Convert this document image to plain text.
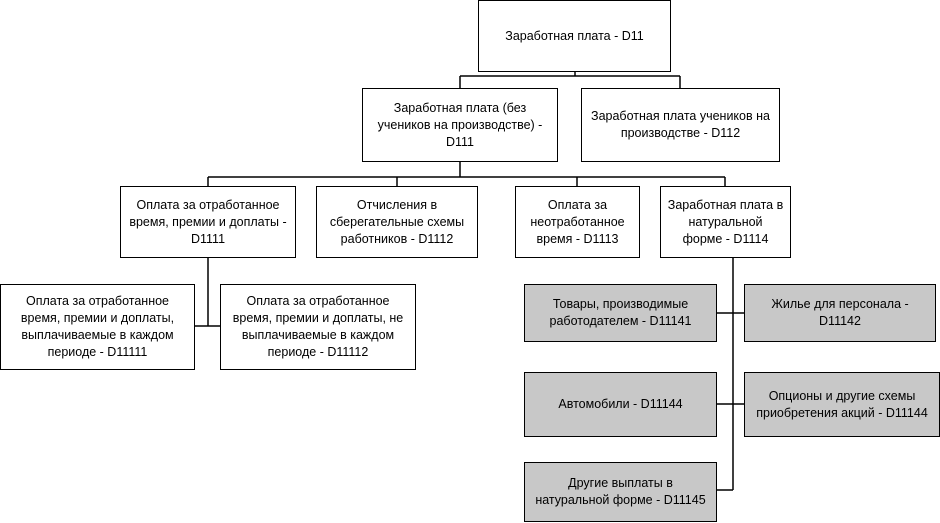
Заработная плата - D11
Заработная плата (без учеников на производстве) - D111
Заработная плата учеников на производстве - D112
Оплата за отработанное время, премии и доплаты - D1111
Отчисления в сберегательные схемы работников - D1112
Оплата за неотработанное время - D1113
Заработная плата в натуральной форме - D1114
Оплата за отработанное время, премии и доплаты, выплачиваемые в каждом периоде - D11111
Оплата за отработанное время, премии и доплаты, не выплачиваемые в каждом периоде - D11112
Товары, производимые работодателем - D11141
Жилье для персонала - D11142
Автомобили - D11144
Опционы и другие схемы приобретения акций - D11144
Другие выплаты в натуральной форме - D11145
